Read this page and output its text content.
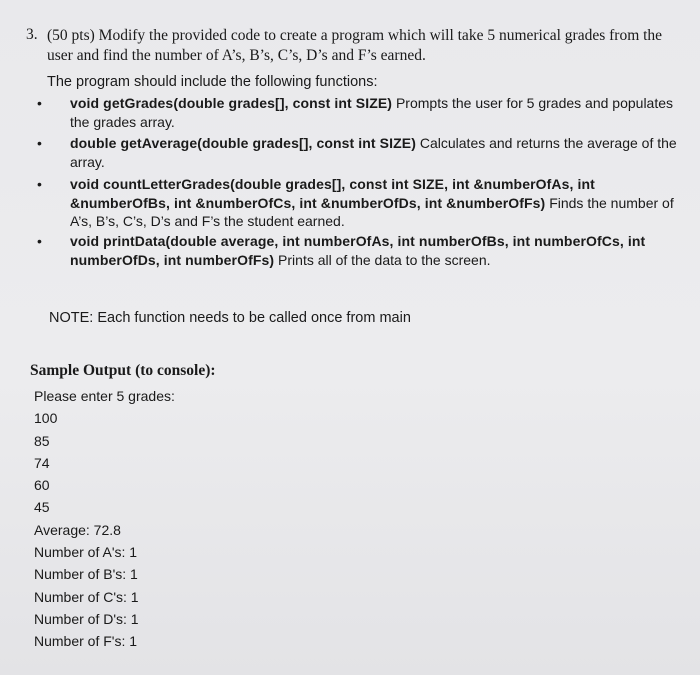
3. (50 pts) Modify the provided code to create a program which will take 5 numerical grades from the user and find the number of A’s, B’s, C’s, D’s and F’s earned.
The program should include the following functions:
• void getGrades(double grades[], const int SIZE) Prompts the user for 5 grades and populates the grades array.
• double getAverage(double grades[], const int SIZE) Calculates and returns the average of the array.
• void countLetterGrades(double grades[], const int SIZE, int &numberOfAs, int &numberOfBs, int &numberOfCs, int &numberOfDs, int &numberOfFs) Finds the number of A’s, B’s, C’s, D’s and F’s the student earned.
• void printData(double average, int numberOfAs, int numberOfBs, int numberOfCs, int numberOfDs, int numberOfFs) Prints all of the data to the screen.
NOTE: Each function needs to be called once from main
Sample Output (to console):
Please enter 5 grades:
100
85
74
60
45
Average: 72.8
Number of A's: 1
Number of B's: 1
Number of C's: 1
Number of D's: 1
Number of F's: 1
